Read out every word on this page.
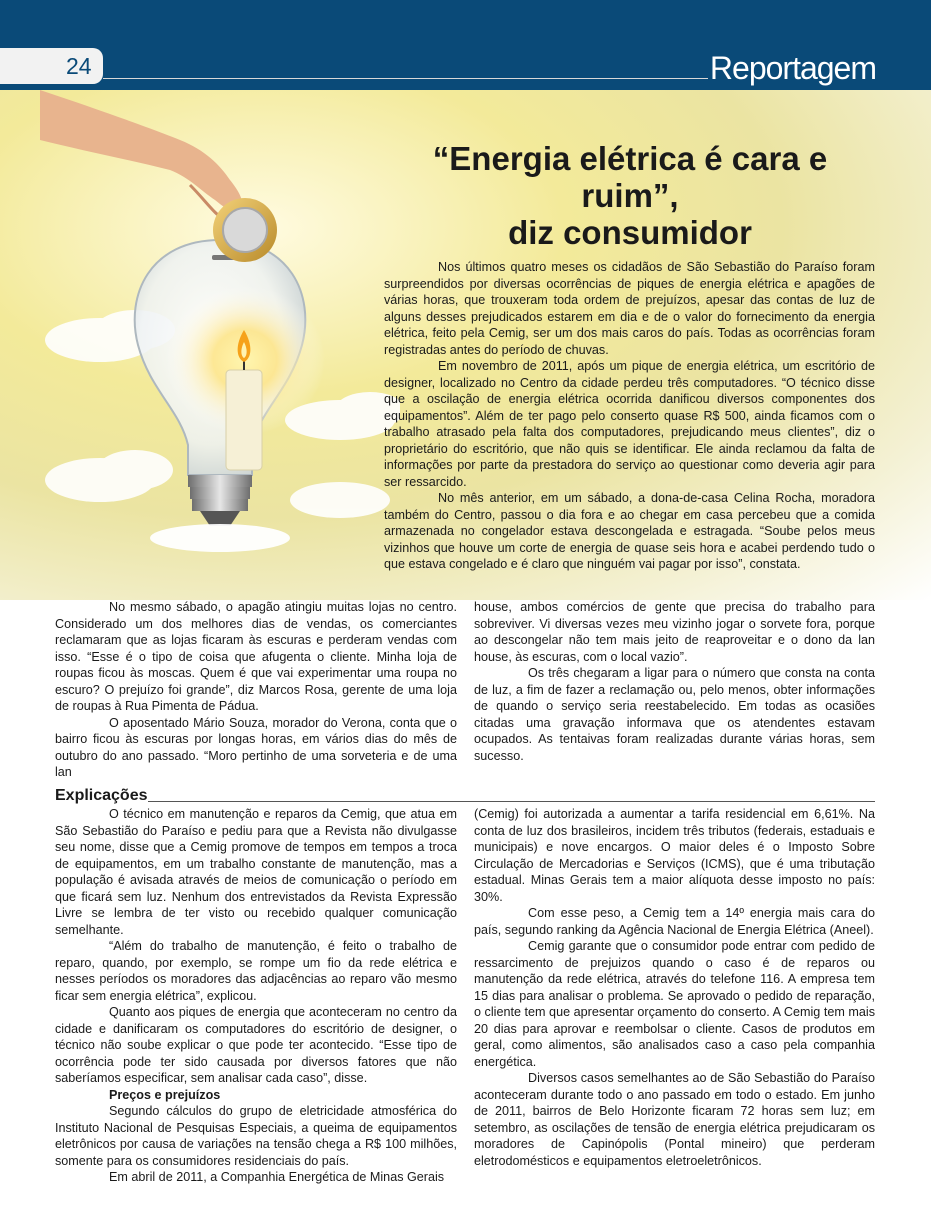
24	Reportagem
“Energia elétrica é cara e ruim”,
diz consumidor

Nos últimos quatro meses os cidadãos de São Sebastião do Paraíso foram surpreendidos por diversas ocorrências de piques de energia elétrica e apagões de várias horas, que trouxeram toda ordem de prejuízos, apesar das contas de luz de alguns desses prejudicados estarem em dia e de o valor do fornecimento da energia elétrica, feito pela Cemig, ser um dos mais caros do país. Todas as ocorrências foram registradas antes do período de chuvas.

Em novembro de 2011, após um pique de energia elétrica, um escritório de designer, localizado no Centro da cidade perdeu três computadores. “O técnico disse que a oscilação de energia elétrica ocorrida danificou diversos componentes dos equipamentos”. Além de ter pago pelo conserto quase R$ 500, ainda ficamos com o trabalho atrasado pela falta dos computadores, prejudicando meus clientes”, diz o proprietário do escritório, que não quis se identificar. Ele ainda reclamou da falta de informações por parte da prestadora do serviço ao questionar como deveria agir para ser ressarcido.

No mês anterior, em um sábado, a dona-de-casa Celina Rocha, moradora também do Centro, passou o dia fora e ao chegar em casa percebeu que a comida armazenada no congelador estava descongelada e estragada. “Soube pelos meus vizinhos que houve um corte de energia de quase seis hora e acabei perdendo tudo o que estava congelado e é claro que ninguém vai pagar por isso”, constata.

No mesmo sábado, o apagão atingiu muitas lojas no centro. Considerado um dos melhores dias de vendas, os comerciantes reclamaram que as lojas ficaram às escuras e perderam vendas com isso. “Esse é o tipo de coisa que afugenta o cliente. Minha loja de roupas ficou às moscas. Quem é que vai experimentar uma roupa no escuro? O prejuízo foi grande”, diz Marcos Rosa, gerente de uma loja de roupas à Rua Pimenta de Pádua.

O aposentado Mário Souza, morador do Verona, conta que o bairro ficou às escuras por longas horas, em vários dias do mês de outubro do ano passado. “Moro pertinho de uma sorveteria e de uma lan

house, ambos comércios de gente que precisa do trabalho para sobreviver. Vi diversas vezes meu vizinho jogar o sorvete fora, porque ao descongelar não tem mais jeito de reaproveitar e o dono da lan house, às escuras, com o local vazio”.

Os três chegaram a ligar para o número que consta na conta de luz, a fim de fazer a reclamação ou, pelo menos, obter informações de quando o serviço seria reestabelecido. Em todas as ocasiões citadas uma gravação informava que os atendentes estavam ocupados. As tentaivas foram realizadas durante várias horas, sem sucesso.

Explicações

O técnico em manutenção e reparos da Cemig, que atua em São Sebastião do Paraíso e pediu para que a Revista não divulgasse seu nome, disse que a Cemig promove de tempos em tempos a troca de equipamentos, em um trabalho constante de manutenção, mas a população é avisada através de meios de comunicação o período em que ficará sem luz. Nenhum dos entrevistados da Revista Expressão Livre se lembra de ter visto ou recebido qualquer comunicação semelhante.

“Além do trabalho de manutenção, é feito o trabalho de reparo, quando, por exemplo, se rompe um fio da rede elétrica e nesses períodos os moradores das adjacências ao reparo vão mesmo ficar sem energia elétrica”, explicou.

Quanto aos piques de energia que aconteceram no centro da cidade e danificaram os computadores do escritório de designer, o técnico não soube explicar o que pode ter acontecido. “Esse tipo de ocorrência pode ter sido causada por diversos fatores que não saberíamos especificar, sem analisar cada caso”, disse.

Preços e prejuízos

Segundo cálculos do grupo de eletricidade atmosférica do Instituto Nacional de Pesquisas Especiais, a queima de equipamentos eletrônicos por causa de variações na tensão chega a R$ 100 milhões, somente para os consumidores residenciais do país.

Em abril de 2011, a Companhia Energética de Minas Gerais

(Cemig) foi autorizada a aumentar a tarifa residencial em 6,61%. Na conta de luz dos brasileiros, incidem três tributos (federais, estaduais e municipais) e nove encargos. O maior deles é o Imposto Sobre Circulação de Mercadorias e Serviços (ICMS), que é uma tributação estadual. Minas Gerais tem a maior alíquota desse imposto no país: 30%.

Com esse peso, a Cemig tem a 14º energia mais cara do país, segundo ranking da Agência Nacional de Energia Elétrica (Aneel).

Cemig garante que o consumidor pode entrar com pedido de ressarcimento de prejuizos quando o caso é de reparos ou manutenção da rede elétrica, através do telefone 116. A empresa tem 15 dias para analisar o problema. Se aprovado o pedido de reparação, o cliente tem que apresentar orçamento do conserto. A Cemig tem mais 20 dias para aprovar e reembolsar o cliente. Casos de produtos em geral, como alimentos, são analisados caso a caso pela companhia energética.

Diversos casos semelhantes ao de São Sebastião do Paraíso aconteceram durante todo o ano passado em todo o estado. Em junho de 2011, bairros de Belo Horizonte ficaram 72 horas sem luz; em setembro, as oscilações de tensão de energia elétrica prejudicaram os moradores de Capinópolis (Pontal mineiro) que perderam eletrodomésticos e equipamentos eletroeletrônicos.
